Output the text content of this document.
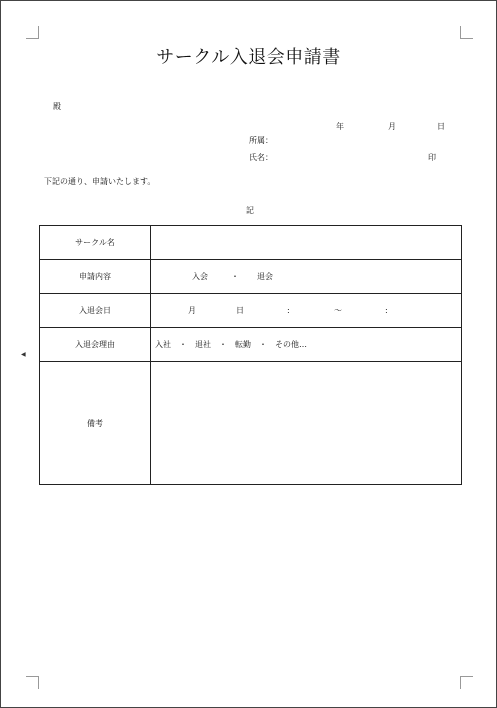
サークル入退会申請書
殿
年	月	日
所属：
氏名：	印
下記の通り、申請いたします。
記
サークル名
申請内容	入会	・ 退会
入退会日	月	日	:	～	:
入退会理由	入社　・　退社　・　転勤　・　その他…
備考
◀
